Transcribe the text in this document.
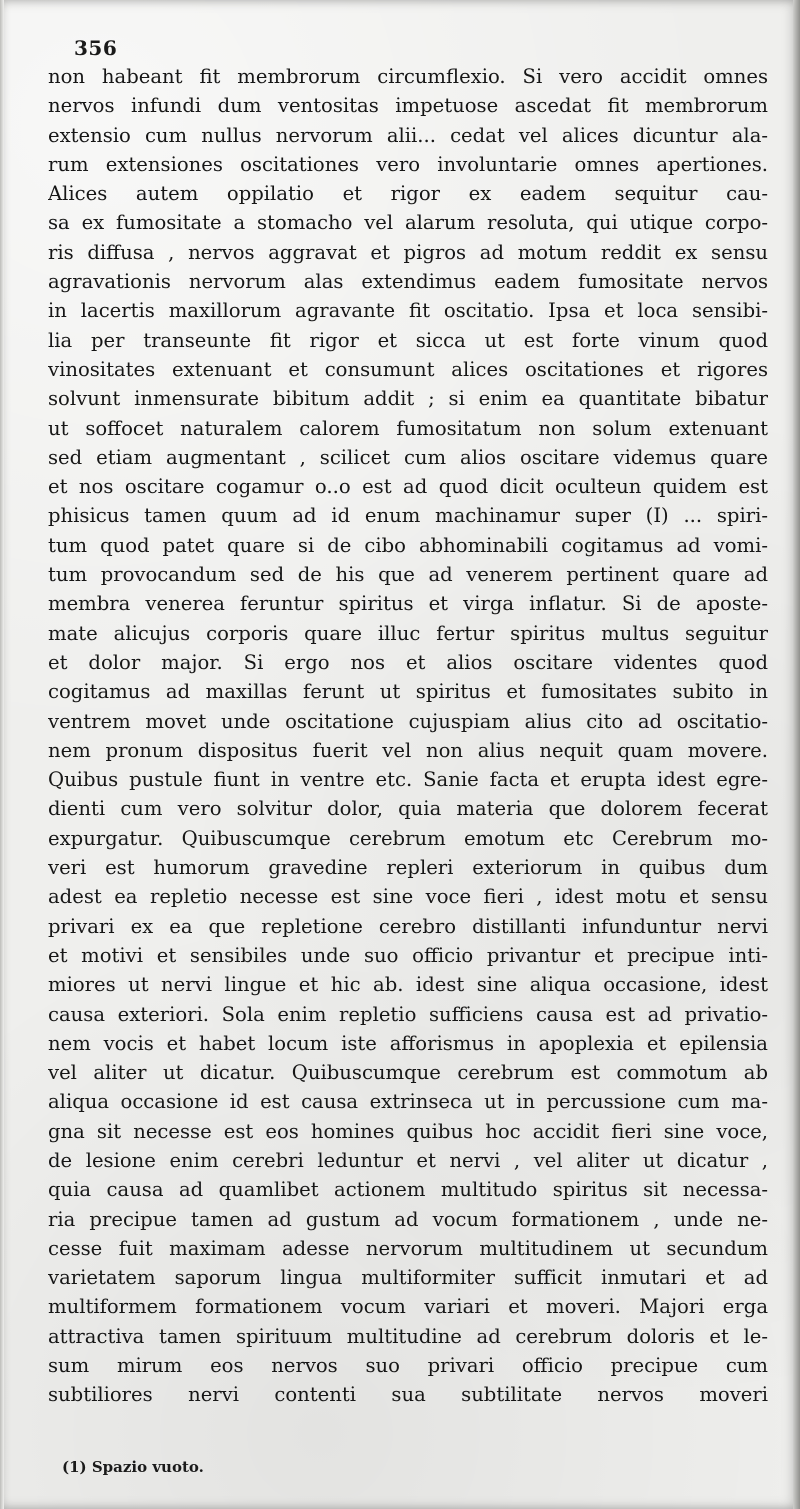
356
non habeant fit membrorum circumflexio. Si vero accidit omnes
nervos infundi dum ventositas impetuose ascedat fit membrorum
extensio cum nullus nervorum alii... cedat vel alices dicuntur ala-
rum extensiones oscitationes vero involuntarie omnes apertiones.
Alices autem oppilatio et rigor ex eadem sequitur cau-
sa ex fumositate a stomacho vel alarum resoluta, qui utique corpo-
ris diffusa , nervos aggravat et pigros ad motum reddit ex sensu
agravationis nervorum alas extendimus eadem fumositate nervos
in lacertis maxillorum agravante fit oscitatio. Ipsa et loca sensibi-
lia per transeunte fit rigor et sicca ut est forte vinum quod
vinositates extenuant et consumunt alices oscitationes et rigores
solvunt inmensurate bibitum addit ; si enim ea quantitate bibatur
ut soffocet naturalem calorem fumositatum non solum extenuant
sed etiam augmentant , scilicet cum alios oscitare videmus quare
et nos oscitare cogamur o..o est ad quod dicit oculteun quidem est
phisicus tamen quum ad id enum machinamur super (I) ... spiri-
tum quod patet quare si de cibo abhominabili cogitamus ad vomi-
tum provocandum sed de his que ad venerem pertinent quare ad
membra venerea feruntur spiritus et virga inflatur. Si de aposte-
mate alicujus corporis quare illuc fertur spiritus multus seguitur
et dolor major. Si ergo nos et alios oscitare videntes quod
cogitamus ad maxillas ferunt ut spiritus et fumositates subito in
ventrem movet unde oscitatione cujuspiam alius cito ad oscitatio-
nem pronum dispositus fuerit vel non alius nequit quam movere.
Quibus pustule fiunt in ventre etc. Sanie facta et erupta idest egre-
dienti cum vero solvitur dolor, quia materia que dolorem fecerat
expurgatur. Quibuscumque cerebrum emotum etc Cerebrum mo-
veri est humorum gravedine repleri exteriorum in quibus dum
adest ea repletio necesse est sine voce fieri , idest motu et sensu
privari ex ea que repletione cerebro distillanti infunduntur nervi
et motivi et sensibiles unde suo officio privantur et precipue inti-
miores ut nervi lingue et hic ab. idest sine aliqua occasione, idest
causa exteriori. Sola enim repletio sufficiens causa est ad privatio-
nem vocis et habet locum iste afforismus in apoplexia et epilensia
vel aliter ut dicatur. Quibuscumque cerebrum est commotum ab
aliqua occasione id est causa extrinseca ut in percussione cum ma-
gna sit necesse est eos homines quibus hoc accidit fieri sine voce,
de lesione enim cerebri leduntur et nervi , vel aliter ut dicatur ,
quia causa ad quamlibet actionem multitudo spiritus sit necessa-
ria precipue tamen ad gustum ad vocum formationem , unde ne-
cesse fuit maximam adesse nervorum multitudinem ut secundum
varietatem saporum lingua multiformiter sufficit inmutari et ad
multiformem formationem vocum variari et moveri. Majori erga
attractiva tamen spirituum multitudine ad cerebrum doloris et le-
sum mirum eos nervos suo privari officio precipue cum
subtiliores nervi contenti sua subtilitate nervos moveri
(1) Spazio vuoto.
